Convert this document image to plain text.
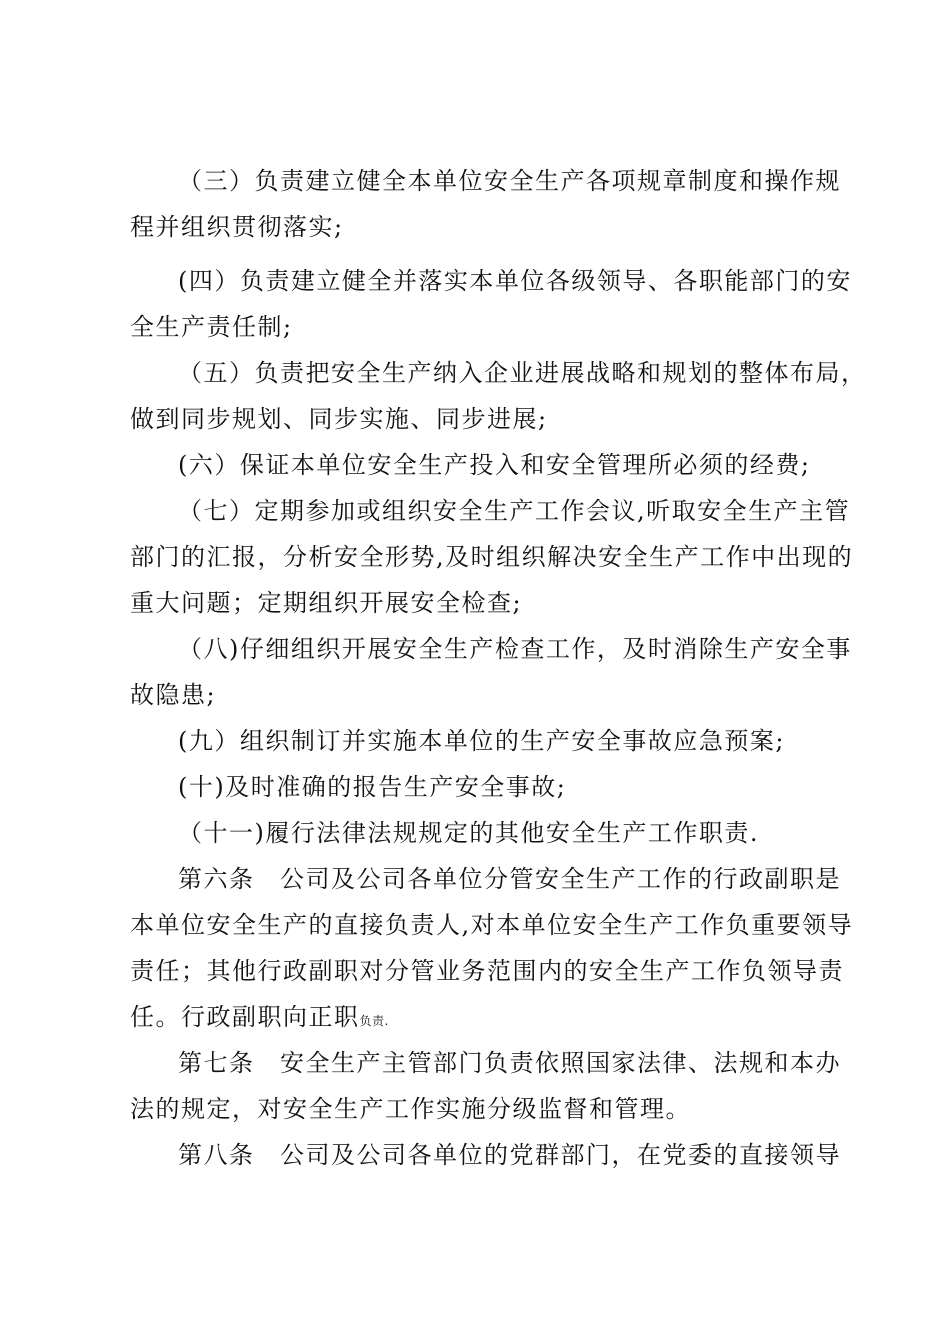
（三）负责建立健全本单位安全生产各项规章制度和操作规
程并组织贯彻落实;
(四）负责建立健全并落实本单位各级领导、各职能部门的安
全生产责任制;
（五）负责把安全生产纳入企业进展战略和规划的整体布局，
做到同步规划、同步实施、同步进展;
(六）保证本单位安全生产投入和安全管理所必须的经费;
（七）定期参加或组织安全生产工作会议,听取安全生产主管
部门的汇报，分析安全形势,及时组织解决安全生产工作中出现的
重大问题；定期组织开展安全检查;
（八)仔细组织开展安全生产检查工作，及时消除生产安全事
故隐患;
(九）组织制订并实施本单位的生产安全事故应急预案;
(十)及时准确的报告生产安全事故;
（十一)履行法律法规规定的其他安全生产工作职责.
第六条　公司及公司各单位分管安全生产工作的行政副职是
本单位安全生产的直接负责人,对本单位安全生产工作负重要领导
责任；其他行政副职对分管业务范围内的安全生产工作负领导责
任。行政副职向正职负责.
第七条　安全生产主管部门负责依照国家法律、法规和本办
法的规定，对安全生产工作实施分级监督和管理。
第八条　公司及公司各单位的党群部门，在党委的直接领导
